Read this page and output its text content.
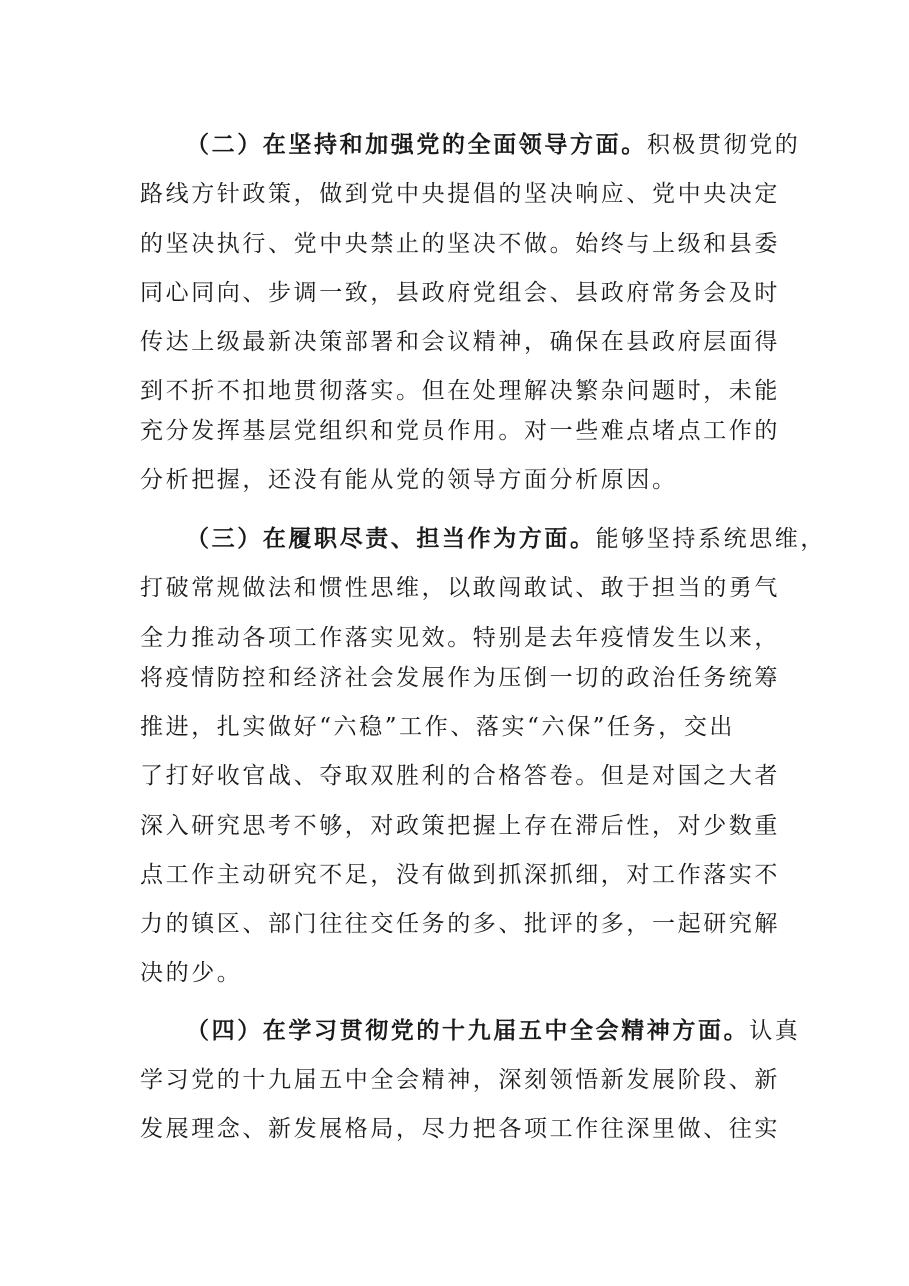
（二）在坚持和加强党的全面领导方面。积极贯彻党的
路线方针政策，做到党中央提倡的坚决响应、党中央决定
的坚决执行、党中央禁止的坚决不做。始终与上级和县委
同心同向、步调一致，县政府党组会、县政府常务会及时
传达上级最新决策部署和会议精神，确保在县政府层面得
到不折不扣地贯彻落实。但在处理解决繁杂问题时，未能
充分发挥基层党组织和党员作用。对一些难点堵点工作的
分析把握，还没有能从党的领导方面分析原因。
（三）在履职尽责、担当作为方面。能够坚持系统思维，
打破常规做法和惯性思维，以敢闯敢试、敢于担当的勇气
全力推动各项工作落实见效。特别是去年疫情发生以来，
将疫情防控和经济社会发展作为压倒一切的政治任务统筹
推进，扎实做好“六稳”工作、落实“六保”任务，交出
了打好收官战、夺取双胜利的合格答卷。但是对国之大者
深入研究思考不够，对政策把握上存在滞后性，对少数重
点工作主动研究不足，没有做到抓深抓细，对工作落实不
力的镇区、部门往往交任务的多、批评的多，一起研究解
决的少。
（四）在学习贯彻党的十九届五中全会精神方面。认真
学习党的十九届五中全会精神，深刻领悟新发展阶段、新
发展理念、新发展格局，尽力把各项工作往深里做、往实
